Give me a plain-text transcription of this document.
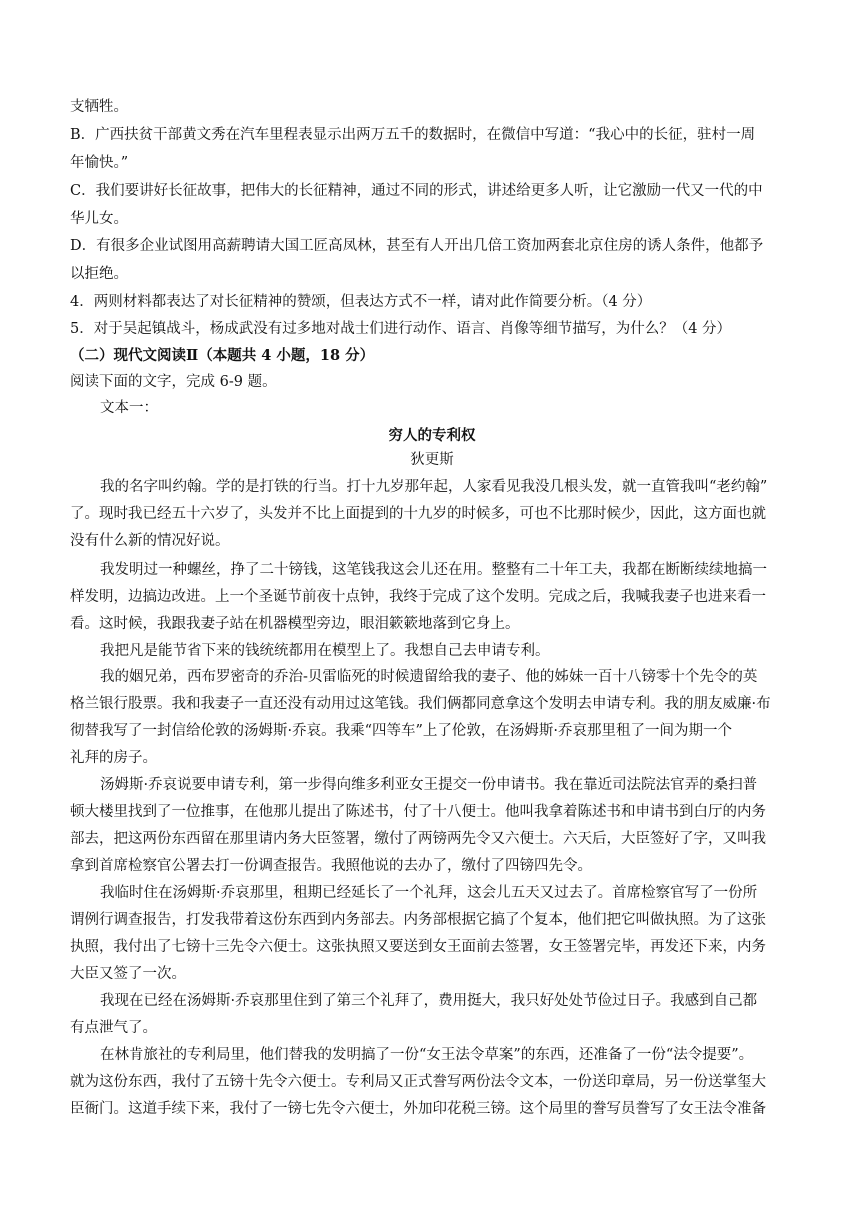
支牺牲。
B．广西扶贫干部黄文秀在汽车里程表显示出两万五千的数据时，在微信中写道：“我心中的长征，驻村一周
年愉快。”
C．我们要讲好长征故事，把伟大的长征精神，通过不同的形式，讲述给更多人听，让它激励一代又一代的中
华儿女。
D．有很多企业试图用高薪聘请大国工匠高凤林，甚至有人开出几倍工资加两套北京住房的诱人条件，他都予
以拒绝。
4．两则材料都表达了对长征精神的赞颂，但表达方式不一样，请对此作简要分析。（4 分）
5．对于吴起镇战斗，杨成武没有过多地对战士们进行动作、语言、肖像等细节描写，为什么？（4 分）
（二）现代文阅读Ⅱ（本题共 4 小题，18 分）
阅读下面的文字，完成 6-9 题。
文本一：
穷人的专利权
狄更斯
我的名字叫约翰。学的是打铁的行当。打十九岁那年起，人家看见我没几根头发，就一直管我叫“老约翰”
了。现时我已经五十六岁了，头发并不比上面提到的十九岁的时候多，可也不比那时候少，因此，这方面也就
没有什么新的情况好说。
我发明过一种螺丝，挣了二十镑钱，这笔钱我这会儿还在用。整整有二十年工夫，我都在断断续续地搞一
样发明，边搞边改进。上一个圣诞节前夜十点钟，我终于完成了这个发明。完成之后，我喊我妻子也进来看一
看。这时候，我跟我妻子站在机器模型旁边，眼泪簌簌地落到它身上。
我把凡是能节省下来的钱统统都用在模型上了。我想自己去申请专利。
我的姻兄弟，西布罗密奇的乔治-贝雷临死的时候遗留给我的妻子、他的姊妹一百十八镑零十个先令的英
格兰银行股票。我和我妻子一直还没有动用过这笔钱。我们俩都同意拿这个发明去申请专利。我的朋友威廉·布
彻替我写了一封信给伦敦的汤姆斯·乔哀。我乘“四等车”上了伦敦，在汤姆斯·乔哀那里租了一间为期一个
礼拜的房子。
汤姆斯·乔哀说要申请专利，第一步得向维多利亚女王提交一份申请书。我在靠近司法院法官弄的桑扫普
顿大楼里找到了一位推事，在他那儿提出了陈述书，付了十八便士。他叫我拿着陈述书和申请书到白厅的内务
部去，把这两份东西留在那里请内务大臣签署，缴付了两镑两先令又六便士。六天后，大臣签好了字，又叫我
拿到首席检察官公署去打一份调查报告。我照他说的去办了，缴付了四镑四先令。
我临时住在汤姆斯·乔哀那里，租期已经延长了一个礼拜，这会儿五天又过去了。首席检察官写了一份所
谓例行调查报告，打发我带着这份东西到内务部去。内务部根据它搞了个复本，他们把它叫做执照。为了这张
执照，我付出了七镑十三先令六便士。这张执照又要送到女王面前去签署，女王签署完毕，再发还下来，内务
大臣又签了一次。
我现在已经在汤姆斯·乔哀那里住到了第三个礼拜了，费用挺大，我只好处处节俭过日子。我感到自己都
有点泄气了。
在林肯旅社的专利局里，他们替我的发明搞了一份“女王法令草案”的东西，还准备了一份“法令提要”。
就为这份东西，我付了五镑十先令六便士。专利局又正式誊写两份法令文本，一份送印章局，另一份送掌玺大
臣衙门。这道手续下来，我付了一镑七先令六便士，外加印花税三镑。这个局里的誊写员誊写了女王法令准备
